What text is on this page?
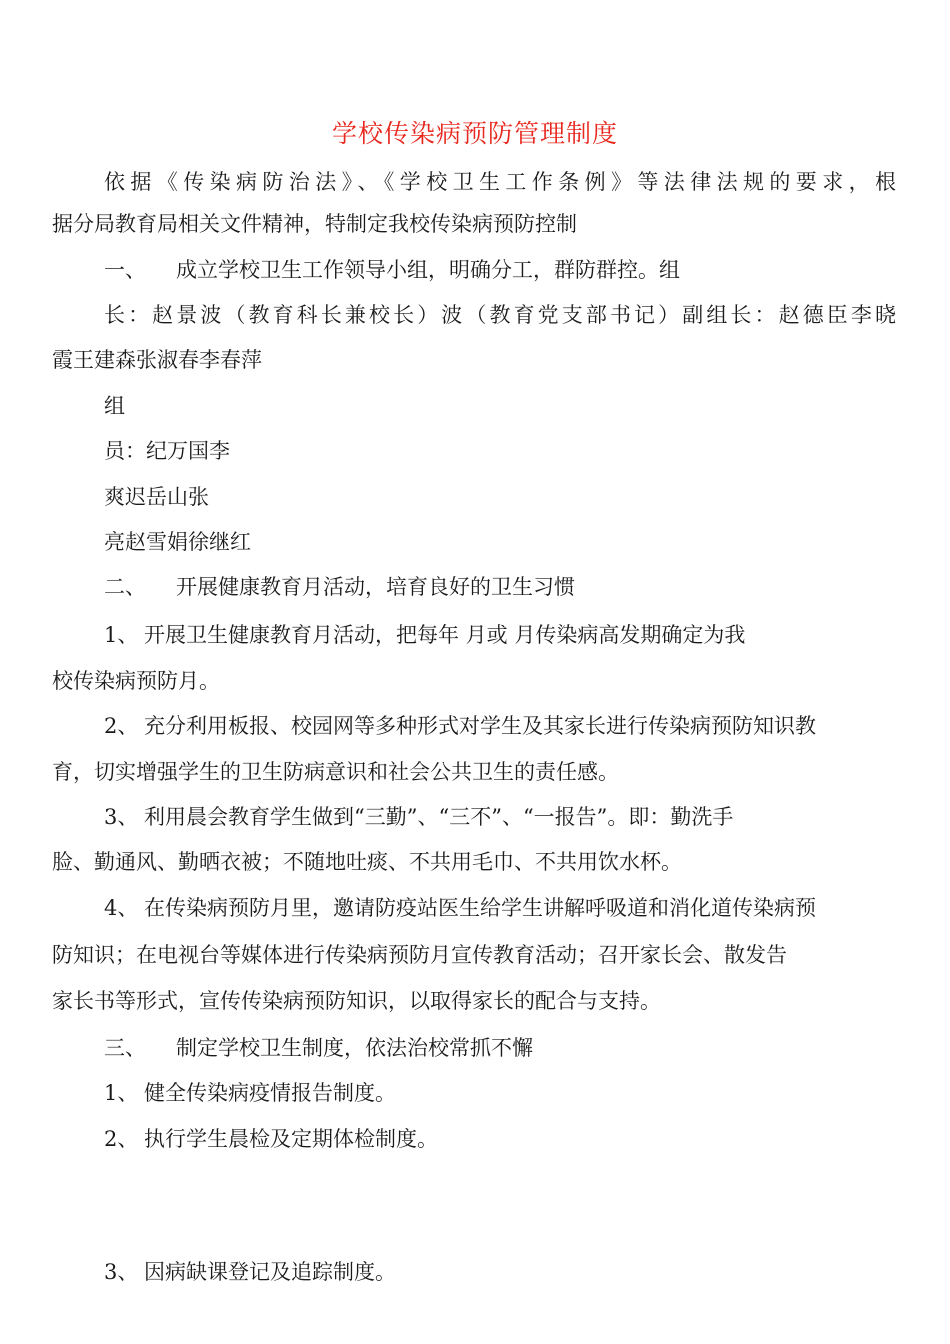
学校传染病预防管理制度

依据《传染病防治法》、《学校卫生工作条例》等法律法规的要求，根

据分局教育局相关文件精神，特制定我校传染病预防控制

一、 成立学校卫生工作领导小组，明确分工，群防群控。组

长：赵景波（教育科长兼校长）波（教育党支部书记）副组长：赵德臣李晓

霞王建森张淑春李春萍

组

员：纪万国李

爽迟岳山张

亮赵雪娟徐继红

二、 开展健康教育月活动，培育良好的卫生习惯

1、 开展卫生健康教育月活动，把每年 月或 月传染病高发期确定为我

校传染病预防月。

2、 充分利用板报、校园网等多种形式对学生及其家长进行传染病预防知识教

育，切实增强学生的卫生防病意识和社会公共卫生的责任感。

3、 利用晨会教育学生做到“三勤”、“三不”、“一报告”。即：勤洗手

脸、勤通风、勤晒衣被；不随地吐痰、不共用毛巾、不共用饮水杯。

4、 在传染病预防月里，邀请防疫站医生给学生讲解呼吸道和消化道传染病预

防知识；在电视台等媒体进行传染病预防月宣传教育活动；召开家长会、散发告

家长书等形式，宣传传染病预防知识，以取得家长的配合与支持。

三、 制定学校卫生制度，依法治校常抓不懈

1、 健全传染病疫情报告制度。

2、 执行学生晨检及定期体检制度。

3、 因病缺课登记及追踪制度。
